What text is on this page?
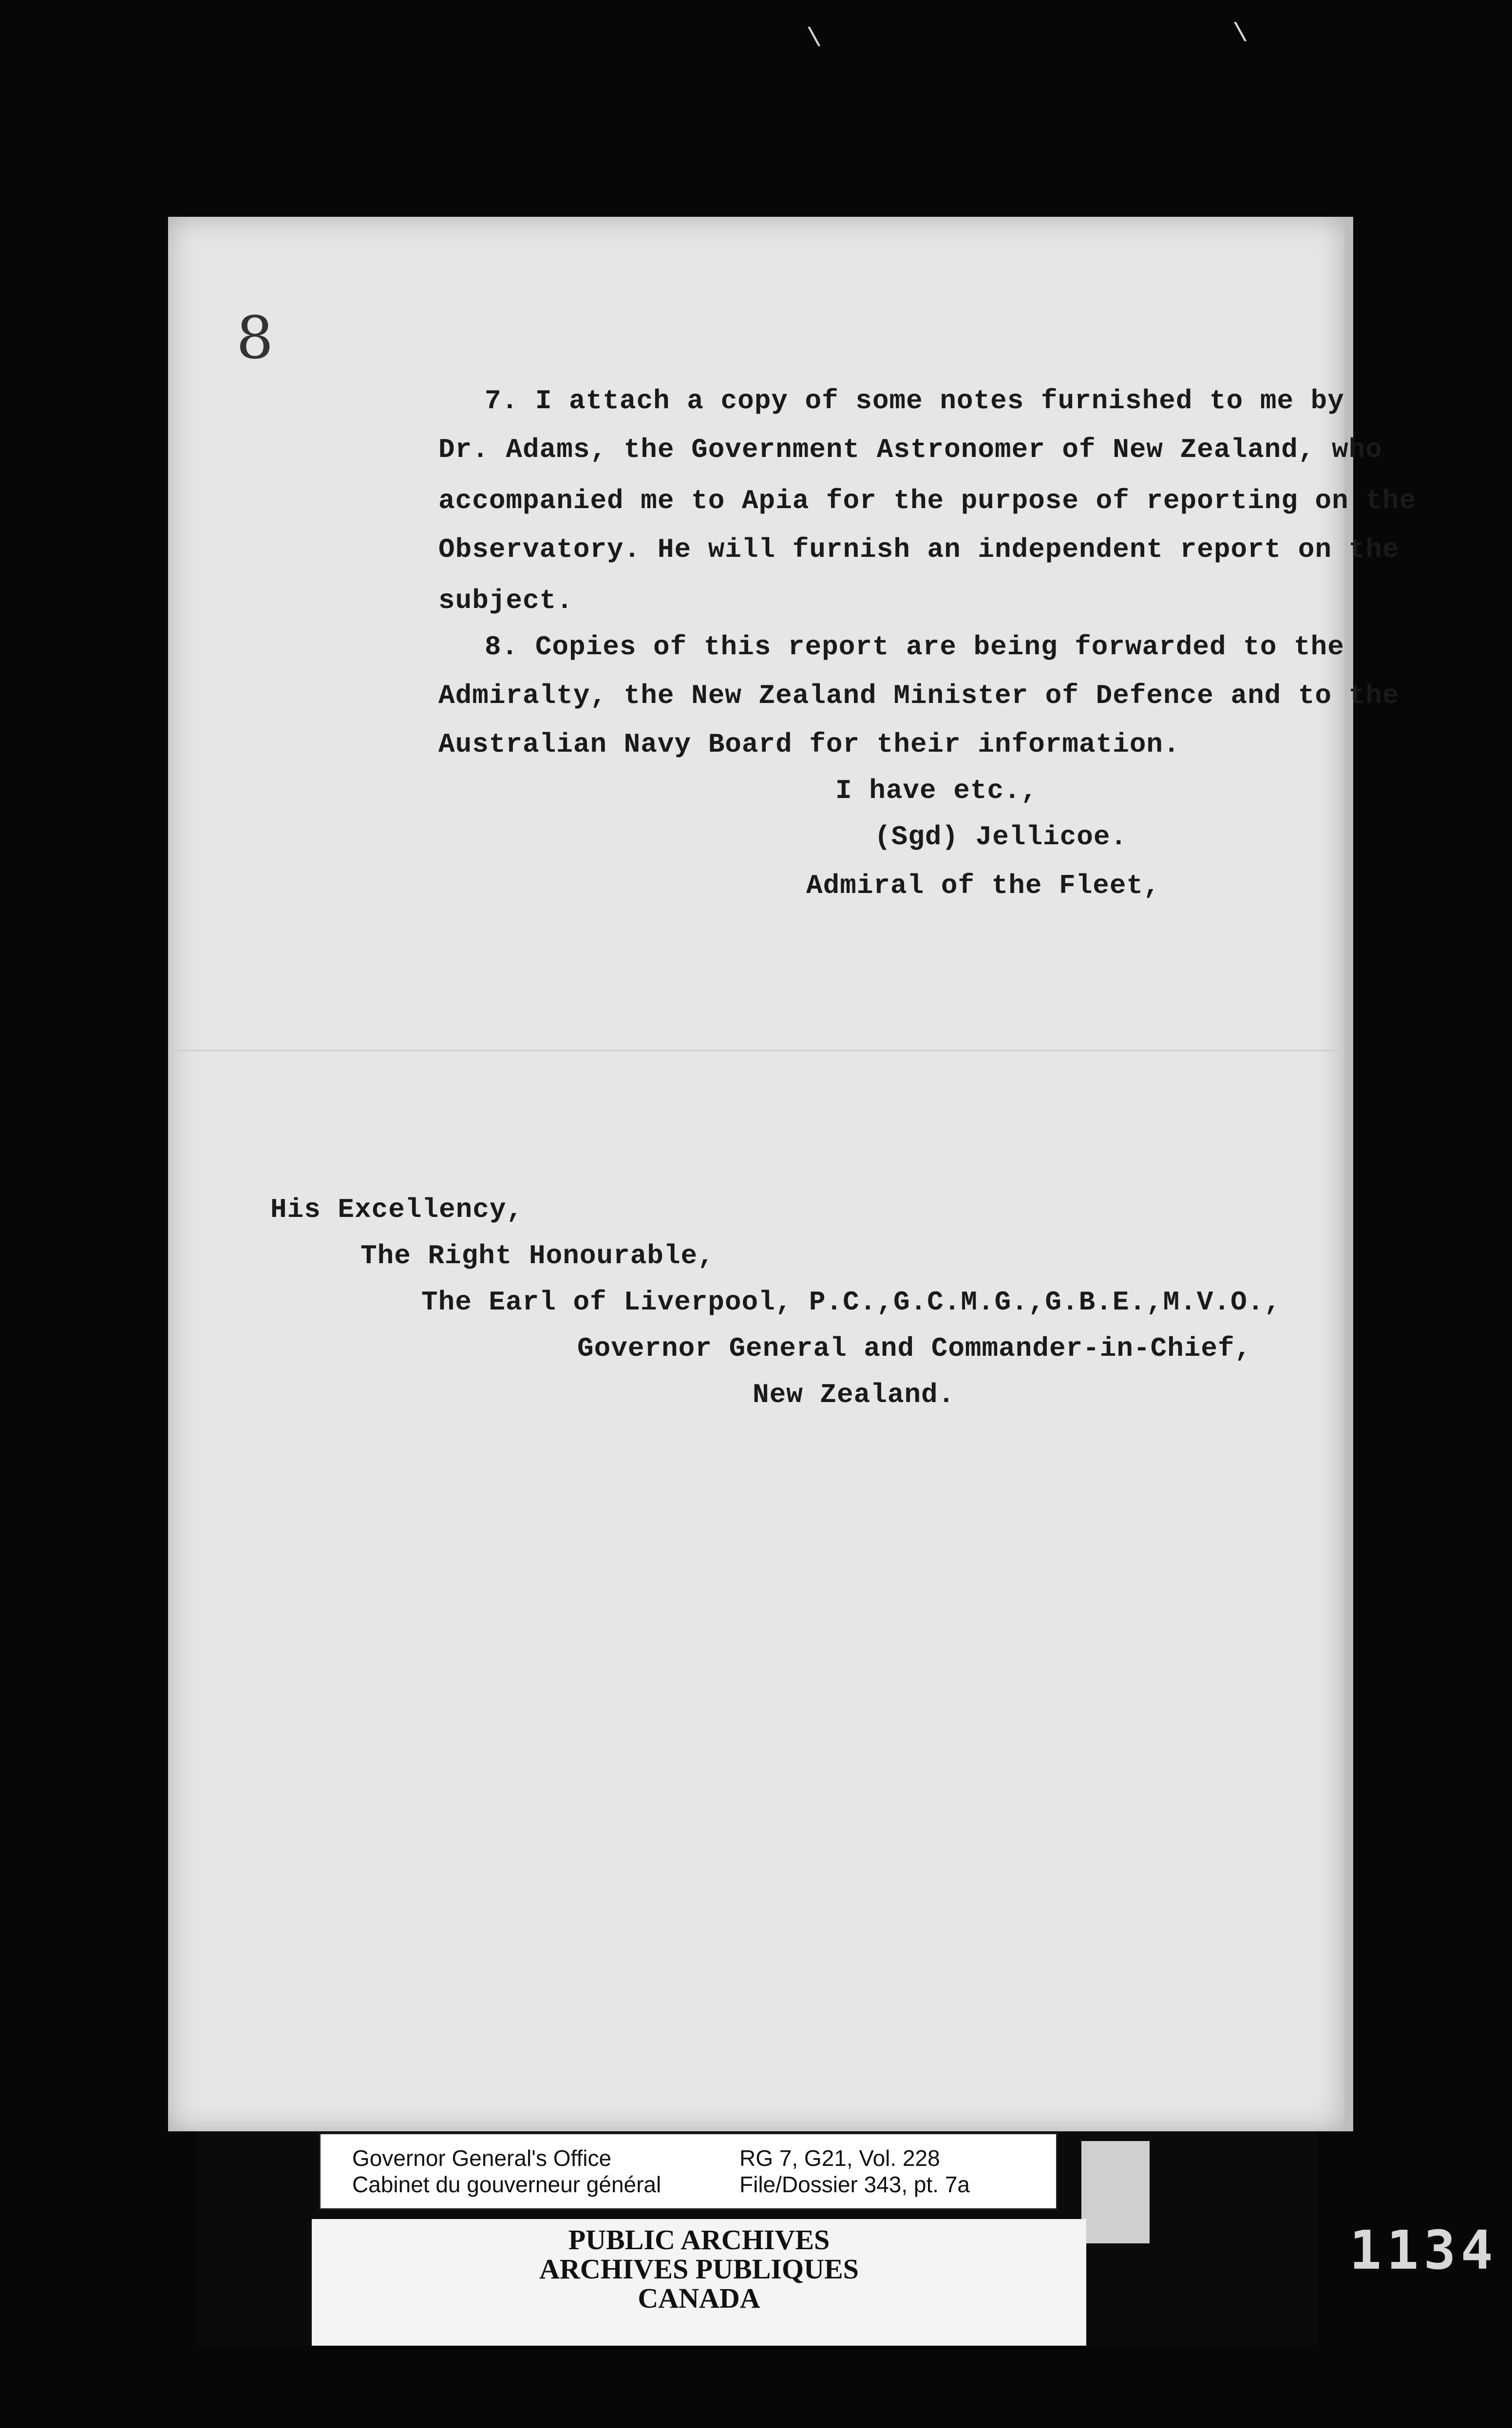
\	\
8
7. I attach a copy of some notes furnished to me by
Dr. Adams, the Government Astronomer of New Zealand, who
accompanied me to Apia for the purpose of reporting on the
Observatory. He will furnish an independent report on the
subject.
8. Copies of this report are being forwarded to the
Admiralty, the New Zealand Minister of Defence and to the
Australian Navy Board for their information.
I have etc.,
(Sgd) Jellicoe.
Admiral of the Fleet,
His Excellency,
The Right Honourable,
The Earl of Liverpool, P.C.,G.C.M.G.,G.B.E.,M.V.O.,
Governor General and Commander-in-Chief,
New Zealand.
Governor General's Office
Cabinet du gouverneur général
RG 7, G21, Vol. 228
File/Dossier 343, pt. 7a
PUBLIC ARCHIVES
ARCHIVES PUBLIQUES
CANADA
1134
